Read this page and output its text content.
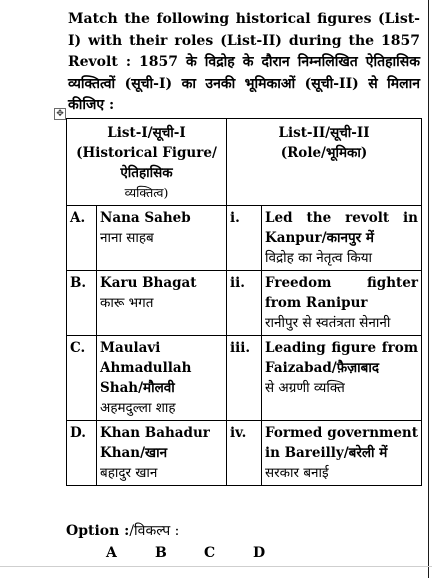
Match the following historical figures (List-I) with their roles (List-II) during the 1857 Revolt : 1857 के विद्रोह के दौरान निम्नलिखित ऐतिहासिक व्यक्तित्वों (सूची-I) का उनकी भूमिकाओं (सूची-II) से मिलान कीजिए :
✥
List-I/सूची-I
(Historical Figure/ऐतिहासिक
व्यक्तित्व)		List-II/सूची-II
(Role/भूमिका)	

A.	Nana Saheb
नाना साहब	i.	Led the revolt in Kanpur/कानपुर में
विद्रोह का नेतृत्व किया

B.	Karu Bhagat
कारू भगत	ii.	Freedom fighter from Ranipur
रानीपुर से स्वतंत्रता सेनानी

C.	Maulavi Ahmadullah Shah/मौलवी
अहमदुल्ला शाह	iii.	Leading figure from Faizabad/फ़ैज़ाबाद
से अग्रणी व्यक्ति

D.	Khan Bahadur Khan/खान
बहादुर खान	iv.	Formed government in Bareilly/बरेली में
सरकार बनाई
Option :/विकल्प :
A	B	C	D
